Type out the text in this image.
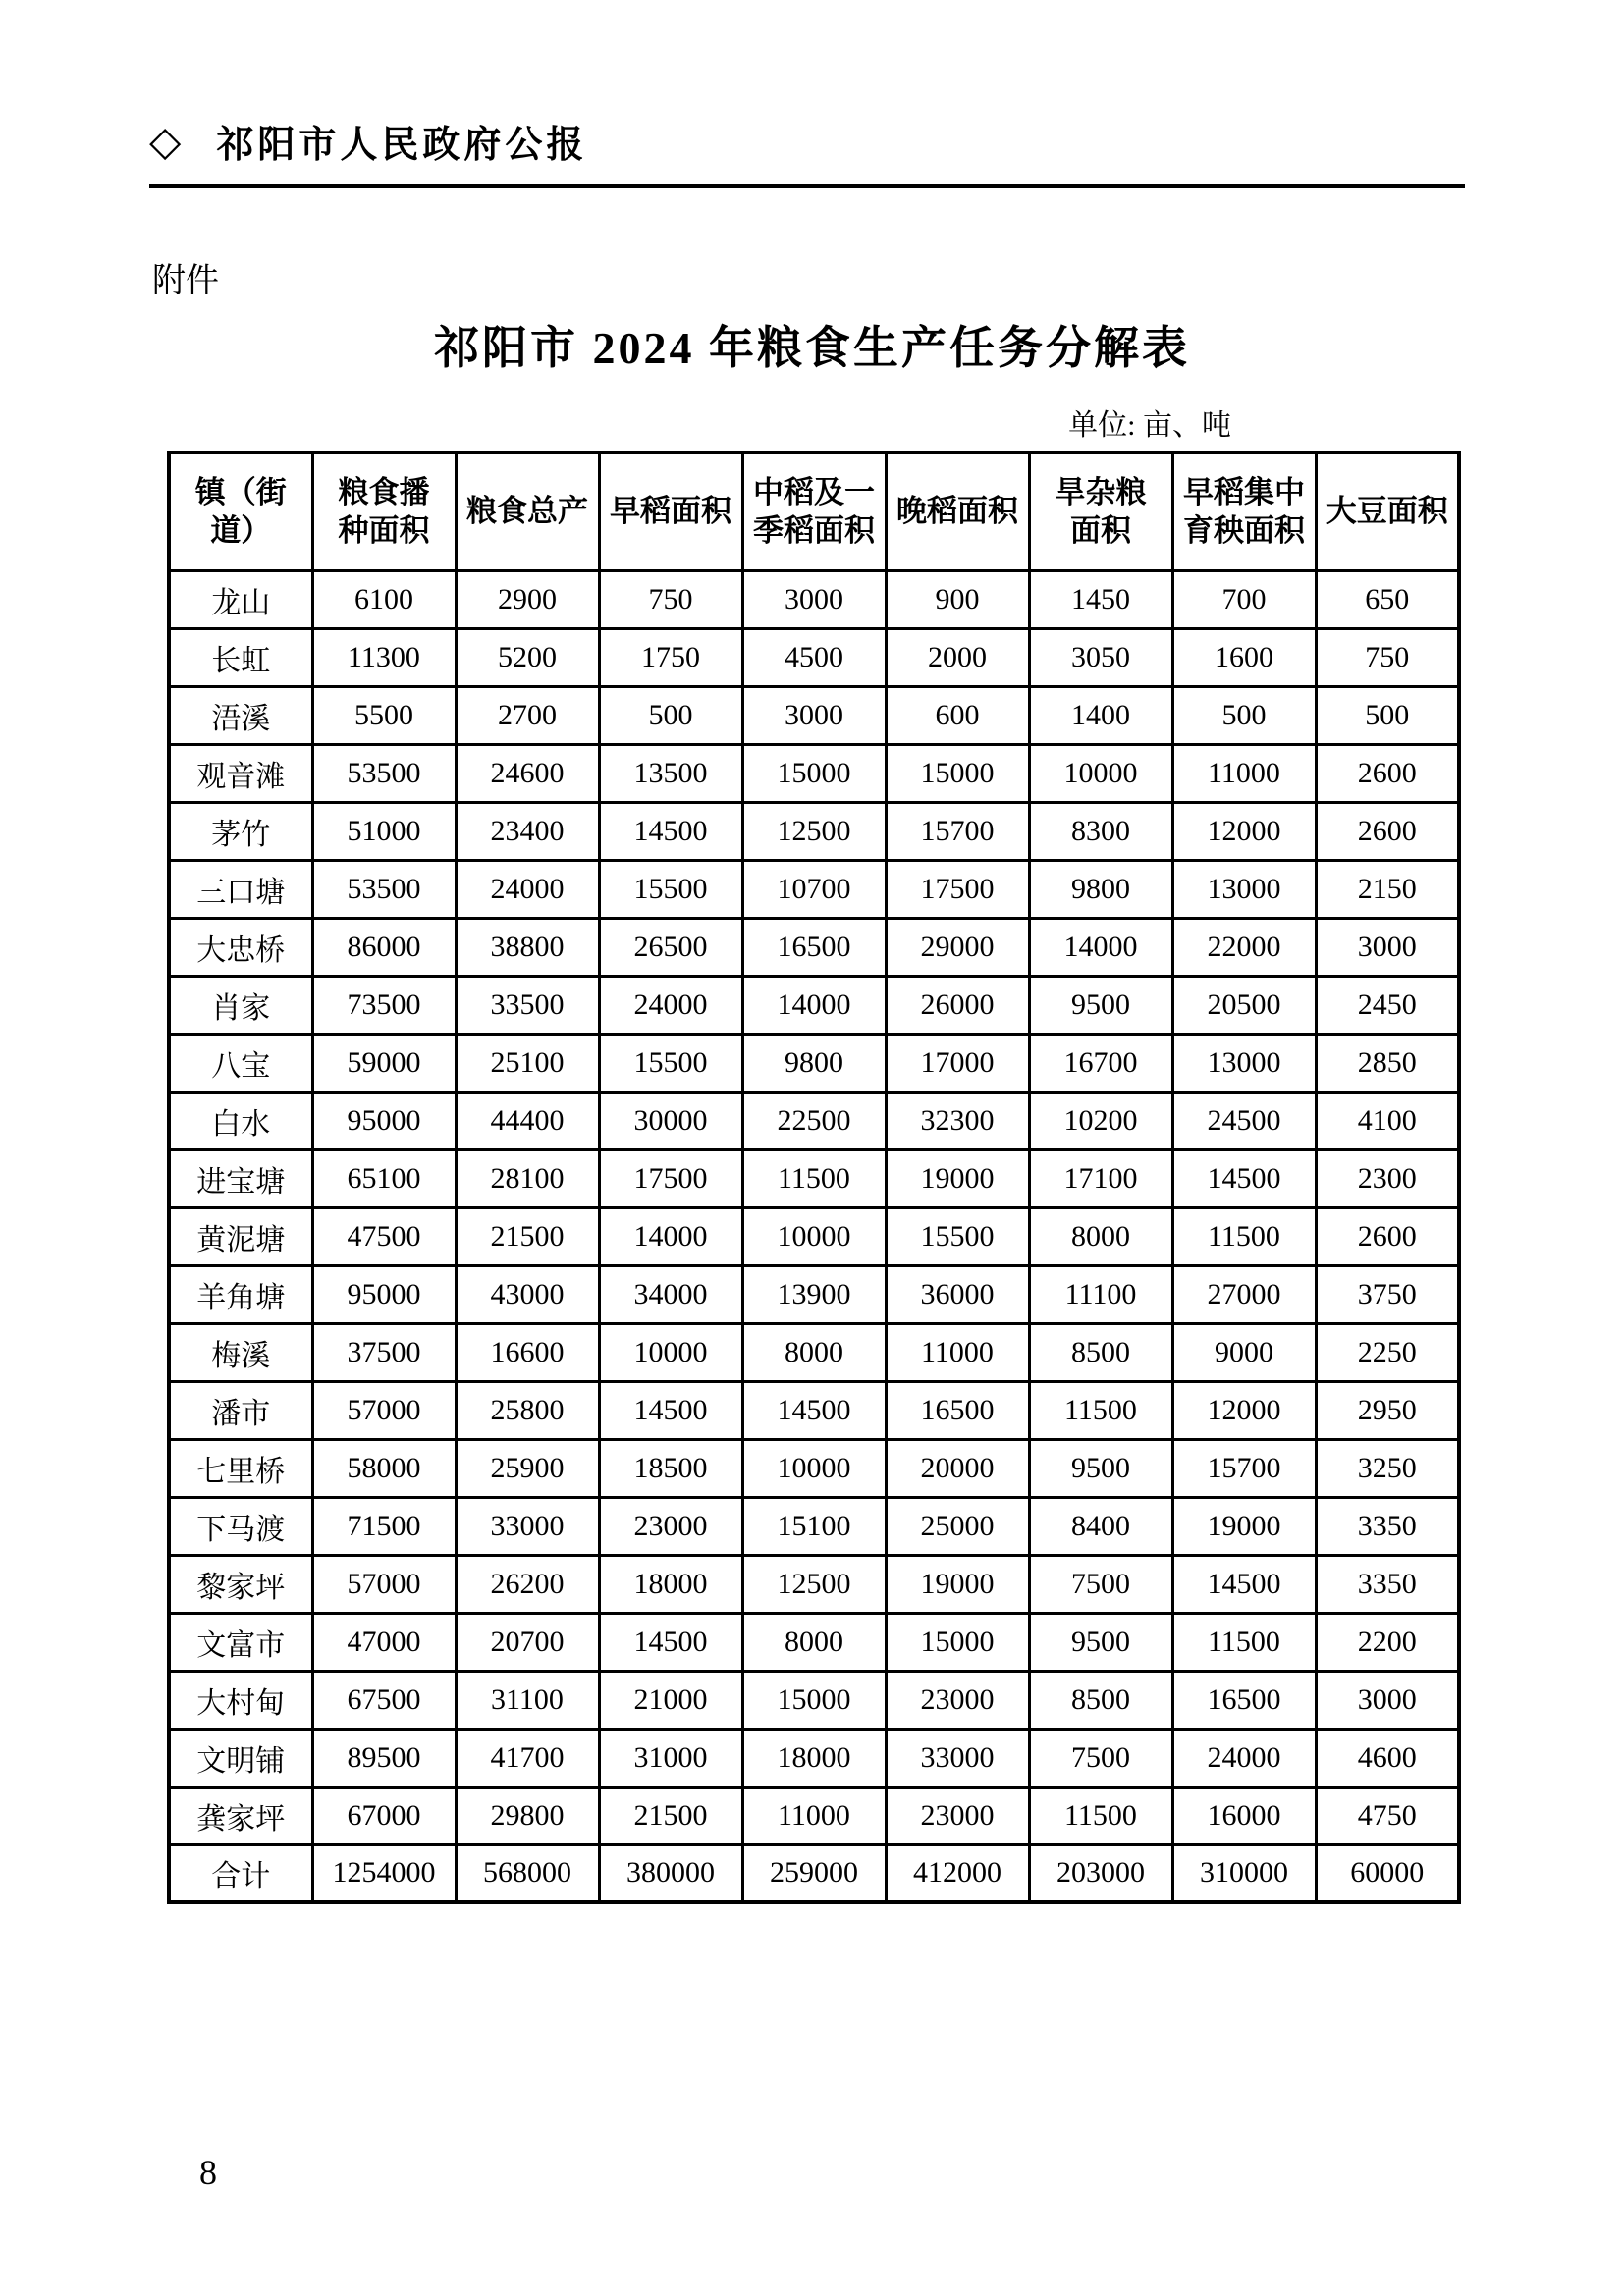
◇ 祁阳市人民政府公报
附件
祁阳市 2024 年粮食生产任务分解表
单位: 亩、吨
镇（街道）	粮食播种面积	粮食总产	早稻面积	中稻及一季稻面积	晚稻面积	旱杂粮面积	早稻集中育秧面积	大豆面积
龙山	6100	2900	750	3000	900	1450	700	650
长虹	11300	5200	1750	4500	2000	3050	1600	750
浯溪	5500	2700	500	3000	600	1400	500	500
观音滩	53500	24600	13500	15000	15000	10000	11000	2600
茅竹	51000	23400	14500	12500	15700	8300	12000	2600
三口塘	53500	24000	15500	10700	17500	9800	13000	2150
大忠桥	86000	38800	26500	16500	29000	14000	22000	3000
肖家	73500	33500	24000	14000	26000	9500	20500	2450
八宝	59000	25100	15500	9800	17000	16700	13000	2850
白水	95000	44400	30000	22500	32300	10200	24500	4100
进宝塘	65100	28100	17500	11500	19000	17100	14500	2300
黄泥塘	47500	21500	14000	10000	15500	8000	11500	2600
羊角塘	95000	43000	34000	13900	36000	11100	27000	3750
梅溪	37500	16600	10000	8000	11000	8500	9000	2250
潘市	57000	25800	14500	14500	16500	11500	12000	2950
七里桥	58000	25900	18500	10000	20000	9500	15700	3250
下马渡	71500	33000	23000	15100	25000	8400	19000	3350
黎家坪	57000	26200	18000	12500	19000	7500	14500	3350
文富市	47000	20700	14500	8000	15000	9500	11500	2200
大村甸	67500	31100	21000	15000	23000	8500	16500	3000
文明铺	89500	41700	31000	18000	33000	7500	24000	4600
龚家坪	67000	29800	21500	11000	23000	11500	16000	4750
合计	1254000	568000	380000	259000	412000	203000	310000	60000
8
